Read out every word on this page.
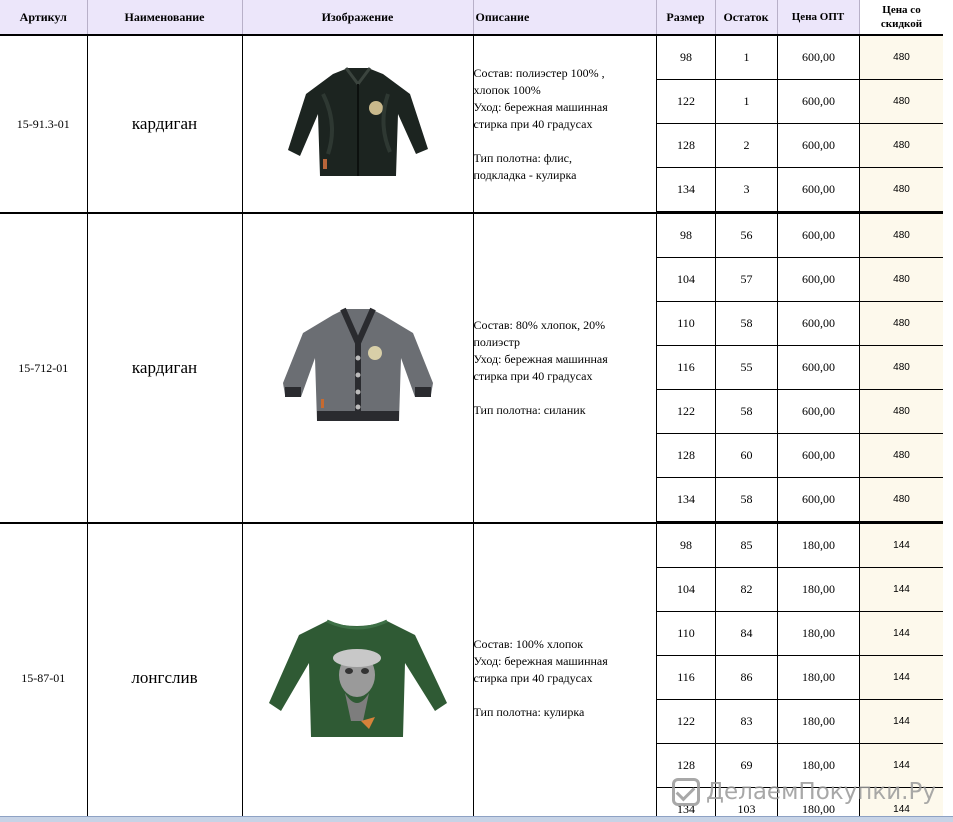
Артикул	Наименование	Изображение	Описание		Размер	Остаток	Цена ОПТ	Цена со
скидкой

15-91.3-01	кардиган	

Состав: полиэстер 100% ,
хлопок 100%
Уход: бережная машинная
стирка при 40 градусах

Тип полотна: флис,
подкладка - кулирка

98	1	600,00	480
122	1	600,00	480
128	2	600,00	480
134	3	600,00	480

15-712-01	кардиган	

Состав: 80% хлопок, 20%
полиэстр
Уход: бережная машинная
стирка при 40 градусах

Тип полотна: силаник

98	56	600,00	480
104	57	600,00	480
110	58	600,00	480
116	55	600,00	480
122	58	600,00	480
128	60	600,00	480
134	58	600,00	480

15-87-01	лонгслив	

Состав: 100% хлопок
Уход: бережная машинная
стирка при 40 градусах

Тип полотна: кулирка

98	85	180,00	144
104	82	180,00	144
110	84	180,00	144
116	86	180,00	144
122	83	180,00	144
128	69	180,00	144
134	103	180,00	144
ДелаемПокупки.Ру
